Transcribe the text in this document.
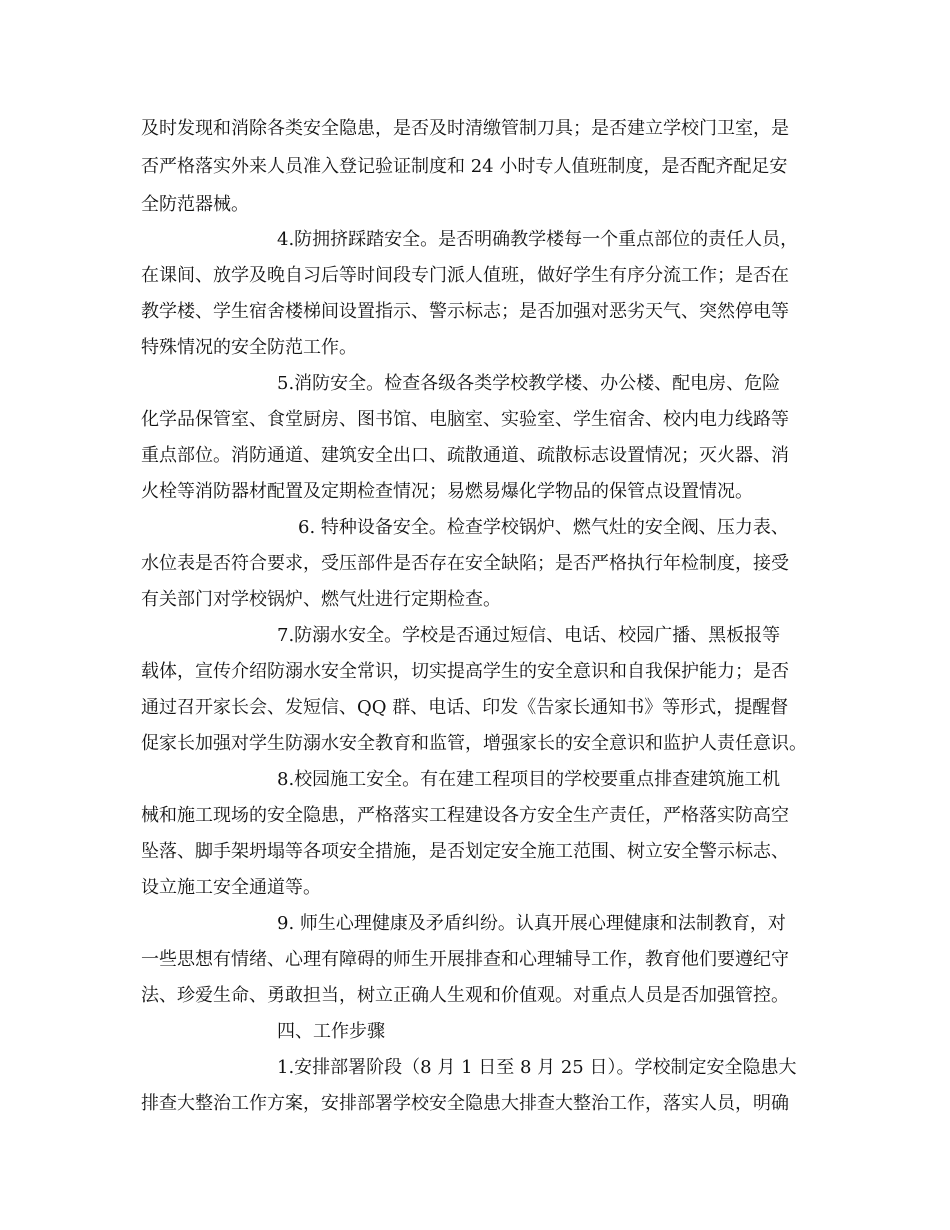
及时发现和消除各类安全隐患，是否及时清缴管制刀具；是否建立学校门卫室，是
否严格落实外来人员准入登记验证制度和 24 小时专人值班制度，是否配齐配足安
全防范器械。
4.防拥挤踩踏安全。是否明确教学楼每一个重点部位的责任人员，
在课间、放学及晚自习后等时间段专门派人值班，做好学生有序分流工作；是否在
教学楼、学生宿舍楼梯间设置指示、警示标志；是否加强对恶劣天气、突然停电等
特殊情况的安全防范工作。
5.消防安全。检查各级各类学校教学楼、办公楼、配电房、危险
化学品保管室、食堂厨房、图书馆、电脑室、实验室、学生宿舍、校内电力线路等
重点部位。消防通道、建筑安全出口、疏散通道、疏散标志设置情况；灭火器、消
火栓等消防器材配置及定期检查情况；易燃易爆化学物品的保管点设置情况。
6. 特种设备安全。检查学校锅炉、燃气灶的安全阀、压力表、
水位表是否符合要求，受压部件是否存在安全缺陷；是否严格执行年检制度，接受
有关部门对学校锅炉、燃气灶进行定期检查。
7.防溺水安全。学校是否通过短信、电话、校园广播、黑板报等
载体，宣传介绍防溺水安全常识，切实提高学生的安全意识和自我保护能力；是否
通过召开家长会、发短信、QQ 群、电话、印发《告家长通知书》等形式，提醒督
促家长加强对学生防溺水安全教育和监管，增强家长的安全意识和监护人责任意识。
8.校园施工安全。有在建工程项目的学校要重点排查建筑施工机
械和施工现场的安全隐患，严格落实工程建设各方安全生产责任，严格落实防高空
坠落、脚手架坍塌等各项安全措施，是否划定安全施工范围、树立安全警示标志、
设立施工安全通道等。
9. 师生心理健康及矛盾纠纷。认真开展心理健康和法制教育，对
一些思想有情绪、心理有障碍的师生开展排查和心理辅导工作，教育他们要遵纪守
法、珍爱生命、勇敢担当，树立正确人生观和价值观。对重点人员是否加强管控。
四、工作步骤
1.安排部署阶段（8 月 1 日至 8 月 25 日）。学校制定安全隐患大
排查大整治工作方案，安排部署学校安全隐患大排查大整治工作，落实人员，明确
